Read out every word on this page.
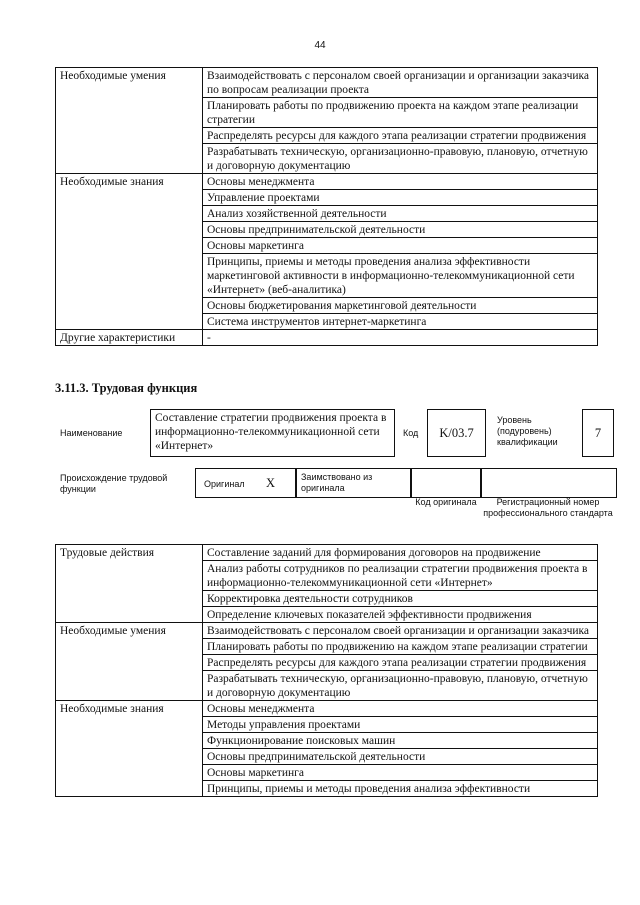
44
Необходимые умения	Взаимодействовать с персоналом своей организации и организации заказчика по вопросам реализации проекта
	Планировать работы по продвижению проекта на каждом этапе реализации стратегии
	Распределять ресурсы для каждого этапа реализации стратегии продвижения
	Разрабатывать техническую, организационно-правовую, плановую, отчетную и договорную документацию
Необходимые знания	Основы менеджмента
	Управление проектами
	Анализ хозяйственной деятельности
	Основы предпринимательской деятельности
	Основы маркетинга
	Принципы, приемы и методы проведения анализа эффективности маркетинговой активности в информационно-телекоммуникационной сети «Интернет» (веб-аналитика)
	Основы бюджетирования маркетинговой деятельности
	Система инструментов интернет-маркетинга
Другие характеристики	-
3.11.3. Трудовая функция
Наименование
Составление стратегии продвижения проекта в информационно-телекоммуникационной сети «Интернет»
Код	K/03.7
Уровень (подуровень) квалификации
7
Происхождение трудовой функции	Оригинал X	Заимствовано из оригинала
Код оригинала	Регистрационный номер профессионального стандарта
Трудовые действия	Составление заданий для формирования договоров на продвижение
	Анализ работы сотрудников по реализации стратегии продвижения проекта в информационно-телекоммуникационной сети «Интернет»
	Корректировка деятельности сотрудников
	Определение ключевых показателей эффективности продвижения
Необходимые умения	Взаимодействовать с персоналом своей организации и организации заказчика
	Планировать работы по продвижению на каждом этапе реализации стратегии
	Распределять ресурсы для каждого этапа реализации стратегии продвижения
	Разрабатывать техническую, организационно-правовую, плановую, отчетную и договорную документацию
Необходимые знания	Основы менеджмента
	Методы управления проектами
	Функционирование поисковых машин
	Основы предпринимательской деятельности
	Основы маркетинга
	Принципы, приемы и методы проведения анализа эффективности
